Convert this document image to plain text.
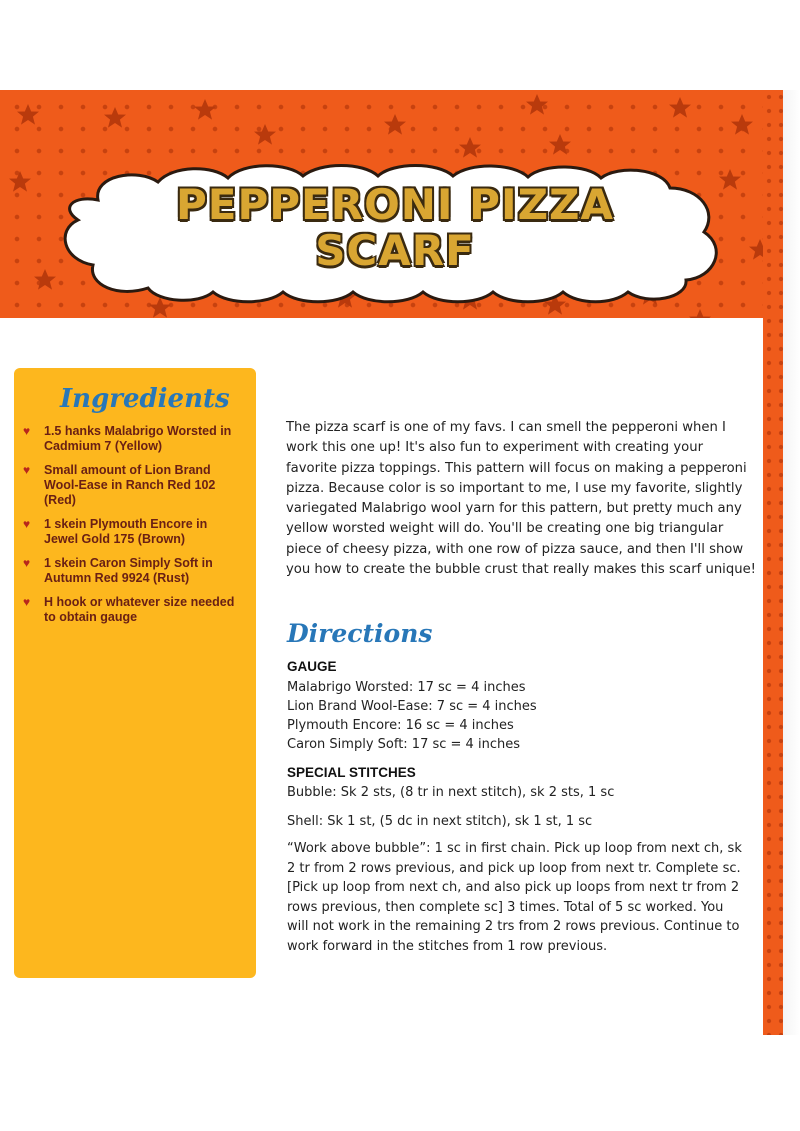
PEPPERONI PIZZA
SCARF
Ingredients
♥ 1.5 hanks Malabrigo Worsted in Cadmium 7 (Yellow)
♥ Small amount of Lion Brand Wool-Ease in Ranch Red 102 (Red)
♥ 1 skein Plymouth Encore in Jewel Gold 175 (Brown)
♥ 1 skein Caron Simply Soft in Autumn Red 9924 (Rust)
♥ H hook or whatever size needed to obtain gauge

The pizza scarf is one of my favs. I can smell the pepperoni when I work this one up! It's also fun to experiment with creating your favorite pizza toppings. This pattern will focus on making a pepperoni pizza. Because color is so important to me, I use my favorite, slightly variegated Malabrigo wool yarn for this pattern, but pretty much any yellow worsted weight will do. You'll be creating one big triangular piece of cheesy pizza, with one row of pizza sauce, and then I'll show you how to create the bubble crust that really makes this scarf unique!

Directions
GAUGE
Malabrigo Worsted: 17 sc = 4 inches
Lion Brand Wool-Ease: 7 sc = 4 inches
Plymouth Encore: 16 sc = 4 inches
Caron Simply Soft: 17 sc = 4 inches
SPECIAL STITCHES
Bubble: Sk 2 sts, (8 tr in next stitch), sk 2 sts, 1 sc
Shell: Sk 1 st, (5 dc in next stitch), sk 1 st, 1 sc

“Work above bubble”: 1 sc in first chain. Pick up loop from next ch, sk 2 tr from 2 rows previous, and pick up loop from next tr. Complete sc. [Pick up loop from next ch, and also pick up loops from next tr from 2 rows previous, then complete sc] 3 times. Total of 5 sc worked. You will not work in the remaining 2 trs from 2 rows previous. Continue to work forward in the stitches from 1 row previous.
